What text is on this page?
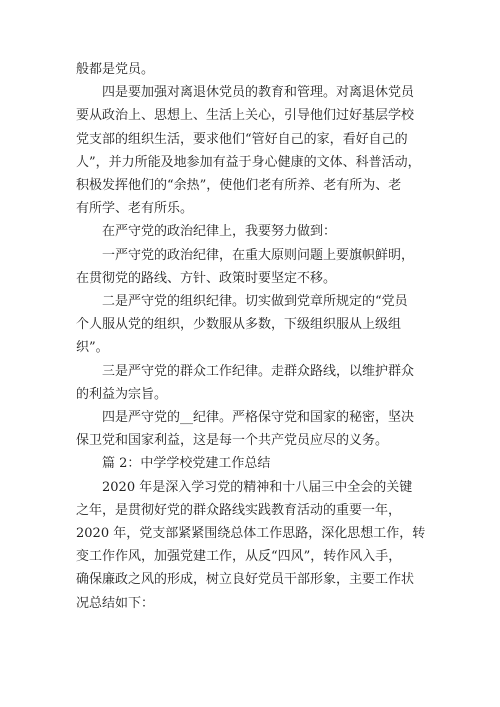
般都是党员。

四是要加强对离退休党员的教育和管理。对离退休党员
要从政治上、思想上、生活上关心，引导他们过好基层学校
党支部的组织生活，要求他们“管好自己的家，看好自己的
人”，并力所能及地参加有益于身心健康的文体、科普活动，
积极发挥他们的“余热”，使他们老有所养、老有所为、老
有所学、老有所乐。

在严守党的政治纪律上，我要努力做到：

一严守党的政治纪律，在重大原则问题上要旗帜鲜明，
在贯彻党的路线、方针、政策时要坚定不移。

二是严守党的组织纪律。切实做到党章所规定的“党员
个人服从党的组织，少数服从多数，下级组织服从上级组
织”。

三是严守党的群众工作纪律。走群众路线，以维护群众
的利益为宗旨。

四是严守党的__纪律。严格保守党和国家的秘密，坚决
保卫党和国家利益，这是每一个共产党员应尽的义务。

篇 2：中学学校党建工作总结

2020 年是深入学习党的精神和十八届三中全会的关键
之年，是贯彻好党的群众路线实践教育活动的重要一年，
2020 年，党支部紧紧围绕总体工作思路，深化思想工作，转
变工作作风，加强党建工作，从反“四风”，转作风入手，
确保廉政之风的形成，树立良好党员干部形象，主要工作状
况总结如下：
